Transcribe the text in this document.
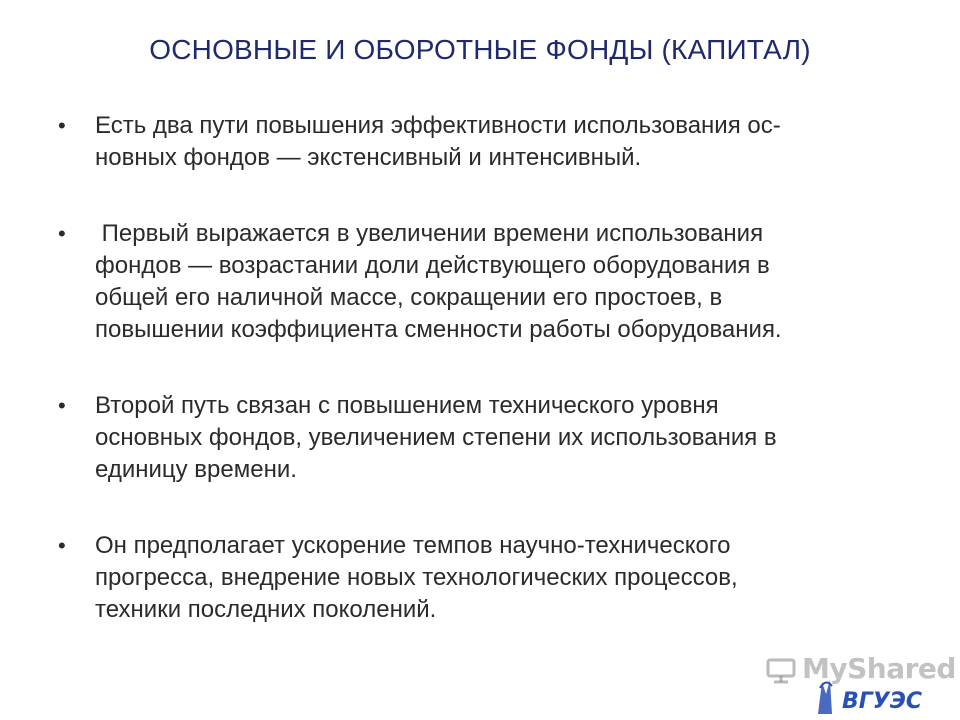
ОСНОВНЫЕ И ОБОРОТНЫЕ ФОНДЫ (КАПИТАЛ)
•	Есть два пути повышения эффективности использования ос-
новных фондов — экстенсивный и интенсивный.
•	Первый выражается в увеличении времени использования
фондов — возрастании доли действующего оборудования в
общей его наличной массе, сокращении его простоев, в
повышении коэффициента сменности работы оборудования.
•	Второй путь связан с повышением технического уровня
основных фондов, увеличением степени их использования в
единицу времени.
•	Он предполагает ускорение темпов научно-технического
прогресса, внедрение новых технологических процессов,
техники последних поколений.
MyShared
ВГУЭС
